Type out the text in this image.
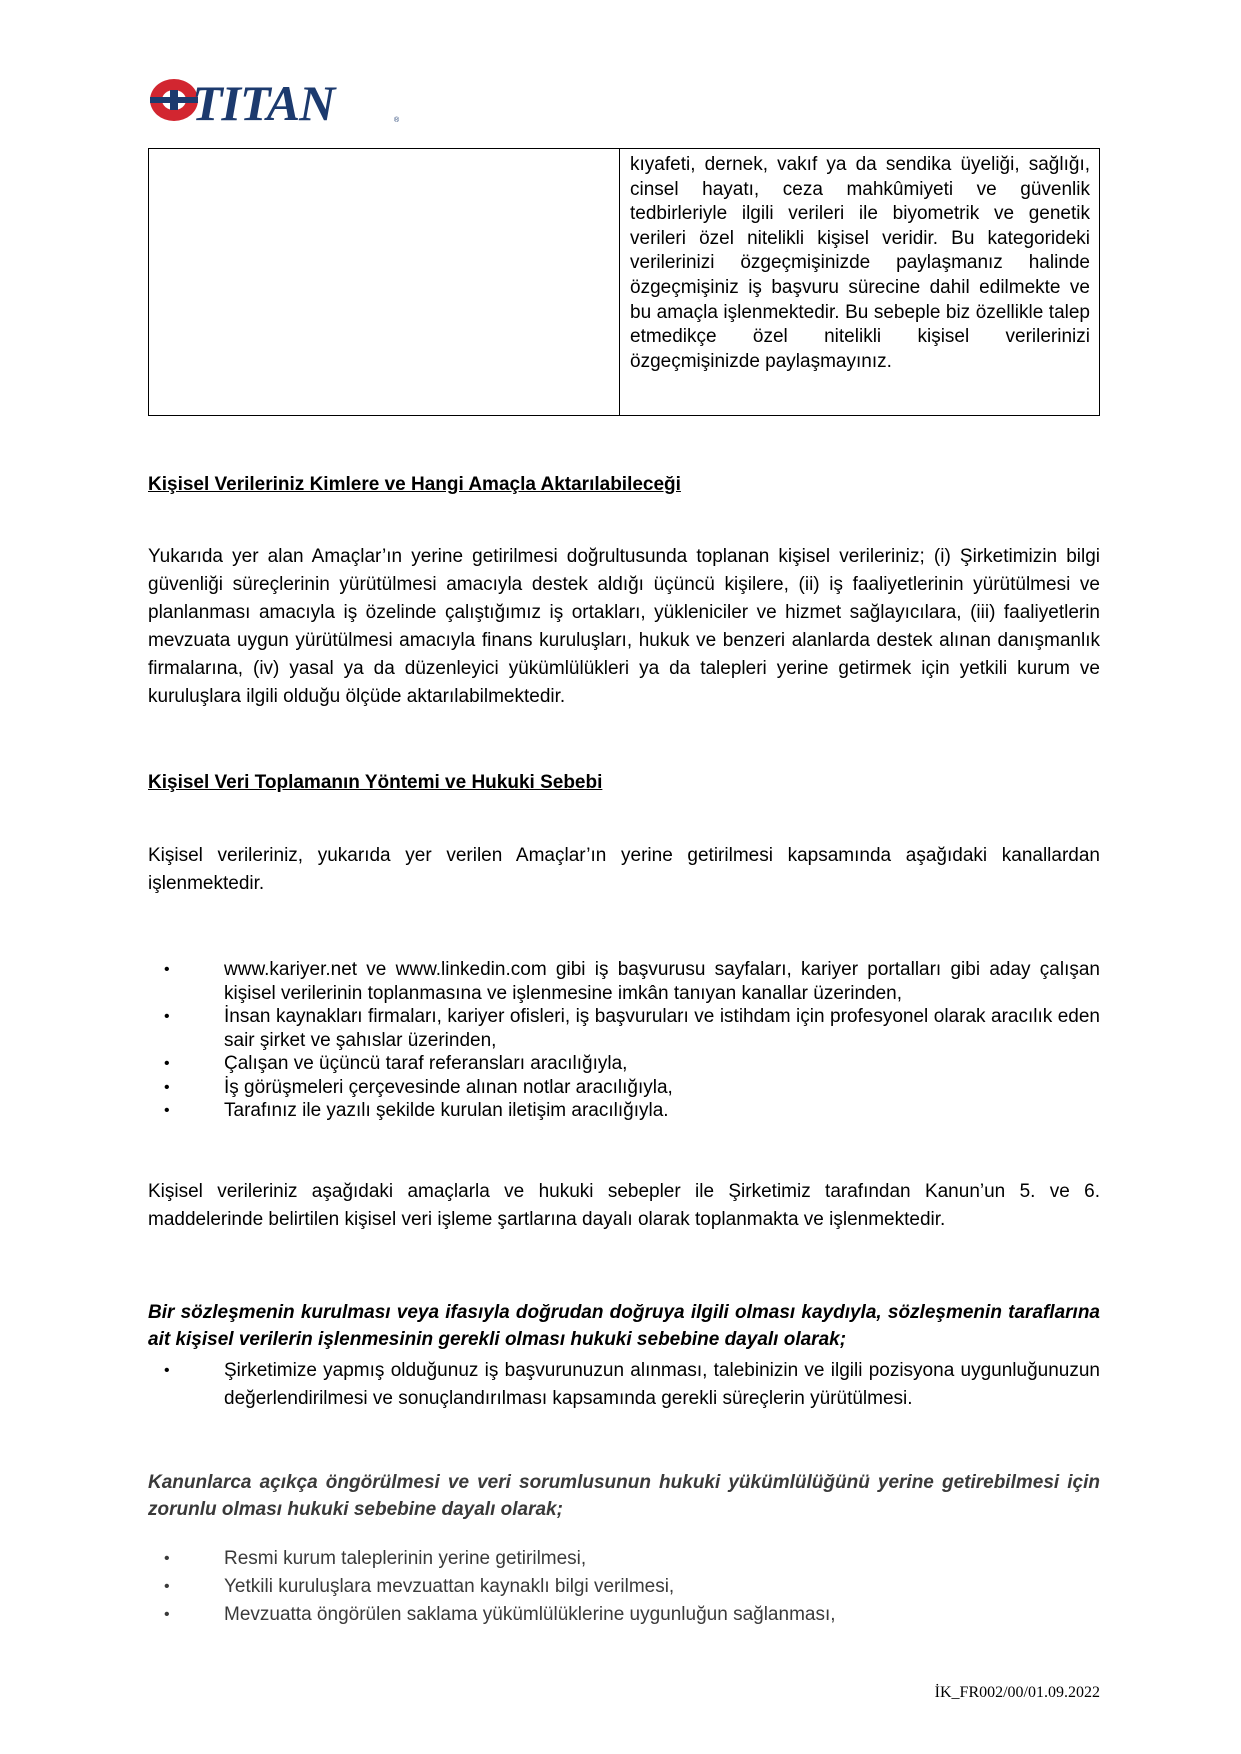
TITAN	®
kıyafeti, dernek, vakıf ya da sendika üyeliği, sağlığı, cinsel hayatı, ceza mahkûmiyeti ve güvenlik tedbirleriyle ilgili verileri ile biyometrik ve genetik verileri özel nitelikli kişisel veridir. Bu kategorideki verilerinizi özgeçmişinizde paylaşmanız halinde özgeçmişiniz iş başvuru sürecine dahil edilmekte ve bu amaçla işlenmektedir. Bu sebeple biz özellikle talep etmedikçe özel nitelikli kişisel verilerinizi özgeçmişinizde paylaşmayınız.
Kişisel Verileriniz Kimlere ve Hangi Amaçla Aktarılabileceği
Yukarıda yer alan Amaçlar’ın yerine getirilmesi doğrultusunda toplanan kişisel verileriniz; (i) Şirketimizin bilgi güvenliği süreçlerinin yürütülmesi amacıyla destek aldığı üçüncü kişilere, (ii) iş faaliyetlerinin yürütülmesi ve planlanması amacıyla iş özelinde çalıştığımız iş ortakları, yükleniciler ve hizmet sağlayıcılara, (iii) faaliyetlerin mevzuata uygun yürütülmesi amacıyla finans kuruluşları, hukuk ve benzeri alanlarda destek alınan danışmanlık firmalarına, (iv) yasal ya da düzenleyici yükümlülükleri ya da talepleri yerine getirmek için yetkili kurum ve kuruluşlara ilgili olduğu ölçüde aktarılabilmektedir.
Kişisel Veri Toplamanın Yöntemi ve Hukuki Sebebi
Kişisel verileriniz, yukarıda yer verilen Amaçlar’ın yerine getirilmesi kapsamında aşağıdaki kanallardan işlenmektedir.
•	www.kariyer.net ve www.linkedin.com gibi iş başvurusu sayfaları, kariyer portalları gibi aday çalışan kişisel verilerinin toplanmasına ve işlenmesine imkân tanıyan kanallar üzerinden,
•	İnsan kaynakları firmaları, kariyer ofisleri, iş başvuruları ve istihdam için profesyonel olarak aracılık eden sair şirket ve şahıslar üzerinden,
•	Çalışan ve üçüncü taraf referansları aracılığıyla,
•	İş görüşmeleri çerçevesinde alınan notlar aracılığıyla,
•	Tarafınız ile yazılı şekilde kurulan iletişim aracılığıyla.
Kişisel verileriniz aşağıdaki amaçlarla ve hukuki sebepler ile Şirketimiz tarafından Kanun’un 5. ve 6. maddelerinde belirtilen kişisel veri işleme şartlarına dayalı olarak toplanmakta ve işlenmektedir.
Bir sözleşmenin kurulması veya ifasıyla doğrudan doğruya ilgili olması kaydıyla, sözleşmenin taraflarına ait kişisel verilerin işlenmesinin gerekli olması hukuki sebebine dayalı olarak;
•	Şirketimize yapmış olduğunuz iş başvurunuzun alınması, talebinizin ve ilgili pozisyona uygunluğunuzun değerlendirilmesi ve sonuçlandırılması kapsamında gerekli süreçlerin yürütülmesi.
Kanunlarca açıkça öngörülmesi ve veri sorumlusunun hukuki yükümlülüğünü yerine getirebilmesi için zorunlu olması hukuki sebebine dayalı olarak;
•	Resmi kurum taleplerinin yerine getirilmesi,
•	Yetkili kuruluşlara mevzuattan kaynaklı bilgi verilmesi,
•	Mevzuatta öngörülen saklama yükümlülüklerine uygunluğun sağlanması,
İK_FR002/00/01.09.2022
